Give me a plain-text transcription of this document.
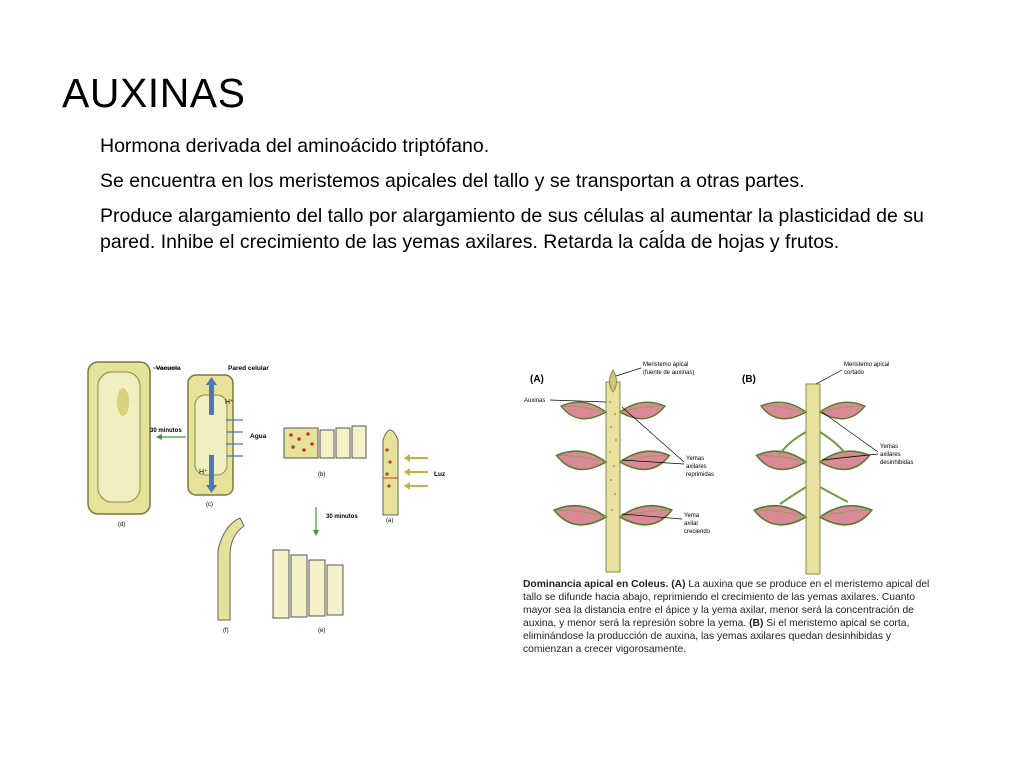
AUXINAS

Hormona derivada del aminoácido triptófano.

Se encuentra en los meristemos apicales del tallo y se transportan a otras partes.

Produce alargamiento del tallo por alargamiento de sus células al aumentar la plasticidad de su pared. Inhibe el crecimiento de las yemas axilares. Retarda la caĺda de hojas y frutos.

Vacuola
(d)
30 minutos
H⁺
H⁺
Pared celular
Agua
(c)
(b)	Luz
(a)
30 minutos
(f)	(e)
(A)
Meristemo apical
(fuente de auxinas)
Auxinas
Yemas
axilares
reprimidas
Yema
axilar
creciendo
(B)
Meristemo apical
cortado
Yemas
axilares
desinhibidas
Dominancia apical en Coleus. (A) La auxina que se produce en el meristemo apical del tallo se difunde hacia abajo, reprimiendo el crecimiento de las yemas axilares. Cuanto mayor sea la distancia entre el ápice y la yema axilar, menor será la concentración de auxina, y menor será la represión sobre la yema. (B) Si el meristemo apical se corta, eliminándose la producción de auxina, las yemas axilares quedan desinhibidas y comienzan a crecer vigorosamente.
